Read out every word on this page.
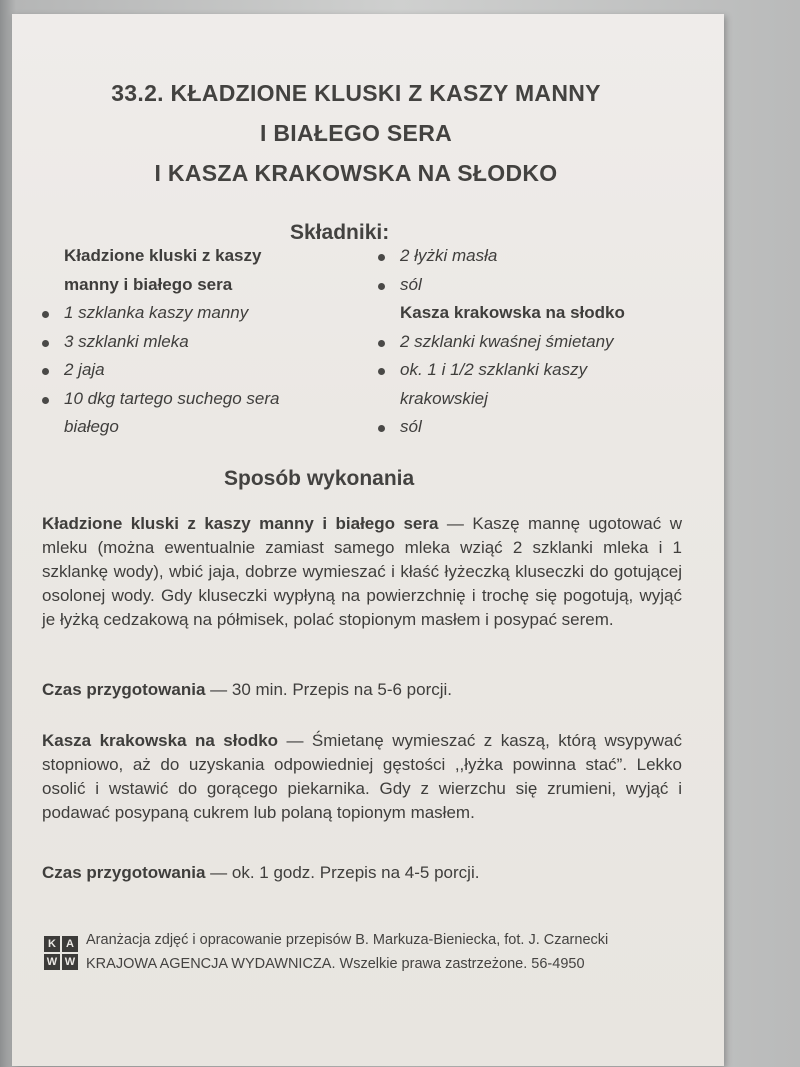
33.2. KŁADZIONE KLUSKI Z KASZY MANNY
I BIAŁEGO SERA
I KASZA KRAKOWSKA NA SŁODKO
Składniki:
Kładzione kluski z kaszy
manny i białego sera
1 szklanka kaszy manny
3 szklanki mleka
2 jaja
10 dkg tartego suchego sera
białego
2 łyżki masła
sól
Kasza krakowska na słodko
2 szklanki kwaśnej śmietany
ok. 1 i 1/2 szklanki kaszy
krakowskiej
sól
Sposób wykonania
Kładzione kluski z kaszy manny i białego sera — Kaszę mannę ugotować w mleku (można ewentualnie zamiast samego mleka wziąć 2 szklanki mleka i 1 szklankę wody), wbić jaja, dobrze wymieszać i kłaść łyżeczką kluseczki do gotującej osolonej wody. Gdy kluseczki wypłyną na powierzchnię i trochę się pogotują, wyjąć je łyżką cedzakową na półmisek, polać stopionym masłem i posypać serem.
Czas przygotowania — 30 min. Przepis na 5-6 porcji.
Kasza krakowska na słodko — Śmietanę wymieszać z kaszą, którą wsypywać stopniowo, aż do uzyskania odpowiedniej gęstości ,,łyżka powinna stać”. Lekko osolić i wstawić do gorącego piekarnika. Gdy z wierzchu się zrumieni, wyjąć i podawać posypaną cukrem lub polaną topionym masłem.
Czas przygotowania — ok. 1 godz. Przepis na 4-5 porcji.
K A
W W
Aranżacja zdjęć i opracowanie przepisów B. Markuza-Bieniecka, fot. J. Czarnecki
KRAJOWA AGENCJA WYDAWNICZA. Wszelkie prawa zastrzeżone. 56-4950
